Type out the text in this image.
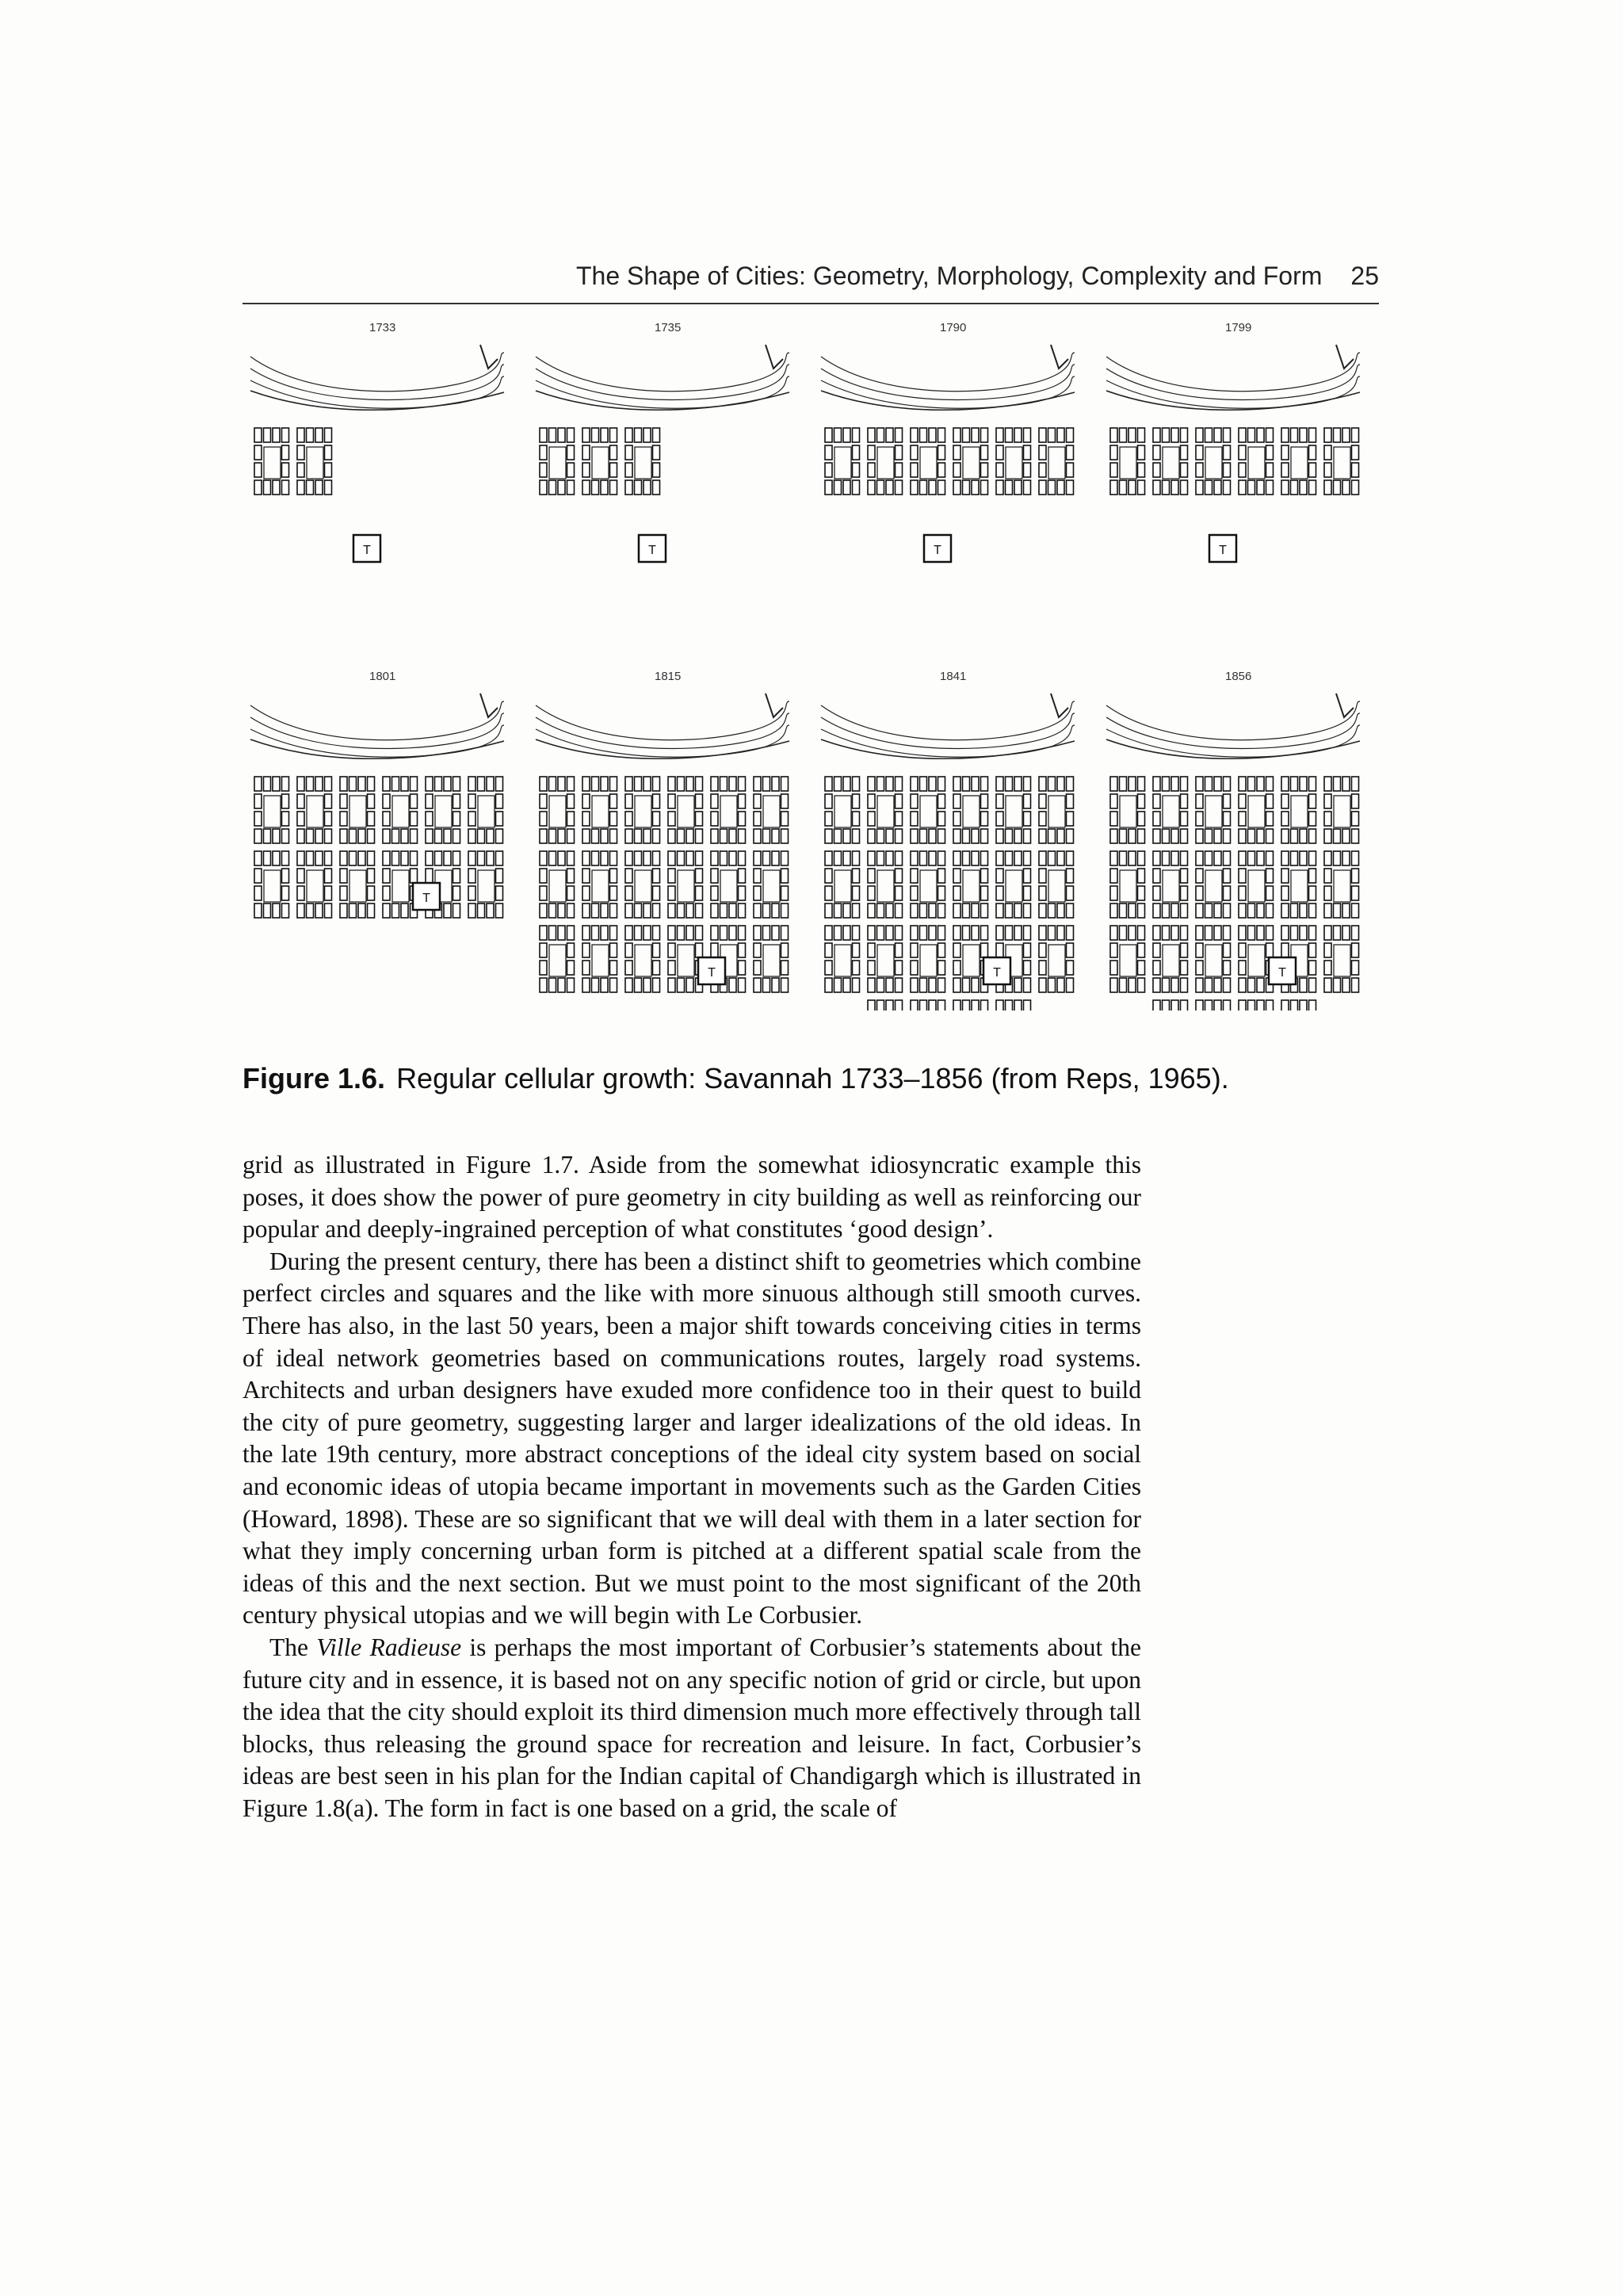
The Shape of Cities: Geometry, Morphology, Complexity and Form 25
1733
T
1735
T
1790
T
1799
T
1801
T
1815
T
1841
T
1856
T
Figure 1.6. Regular cellular growth: Savannah 1733–1856 (from Reps, 1965).

grid as illustrated in Figure 1.7. Aside from the somewhat idiosyncratic example this poses, it does show the power of pure geometry in city building as well as reinforcing our popular and deeply-ingrained perception of what constitutes ‘good design’.

During the present century, there has been a distinct shift to geometries which combine perfect circles and squares and the like with more sinuous although still smooth curves. There has also, in the last 50 years, been a major shift towards conceiving cities in terms of ideal network geometries based on communications routes, largely road systems. Architects and urban designers have exuded more confidence too in their quest to build the city of pure geometry, suggesting larger and larger idealizations of the old ideas. In the late 19th century, more abstract conceptions of the ideal city system based on social and economic ideas of utopia became important in movements such as the Garden Cities (Howard, 1898). These are so significant that we will deal with them in a later section for what they imply concerning urban form is pitched at a different spatial scale from the ideas of this and the next section. But we must point to the most significant of the 20th century physical utopias and we will begin with Le Corbusier.

The Ville Radieuse is perhaps the most important of Corbusier’s statements about the future city and in essence, it is based not on any specific notion of grid or circle, but upon the idea that the city should exploit its third dimension much more effectively through tall blocks, thus releasing the ground space for recreation and leisure. In fact, Corbusier’s ideas are best seen in his plan for the Indian capital of Chandigargh which is illustrated in Figure 1.8(a). The form in fact is one based on a grid, the scale of
